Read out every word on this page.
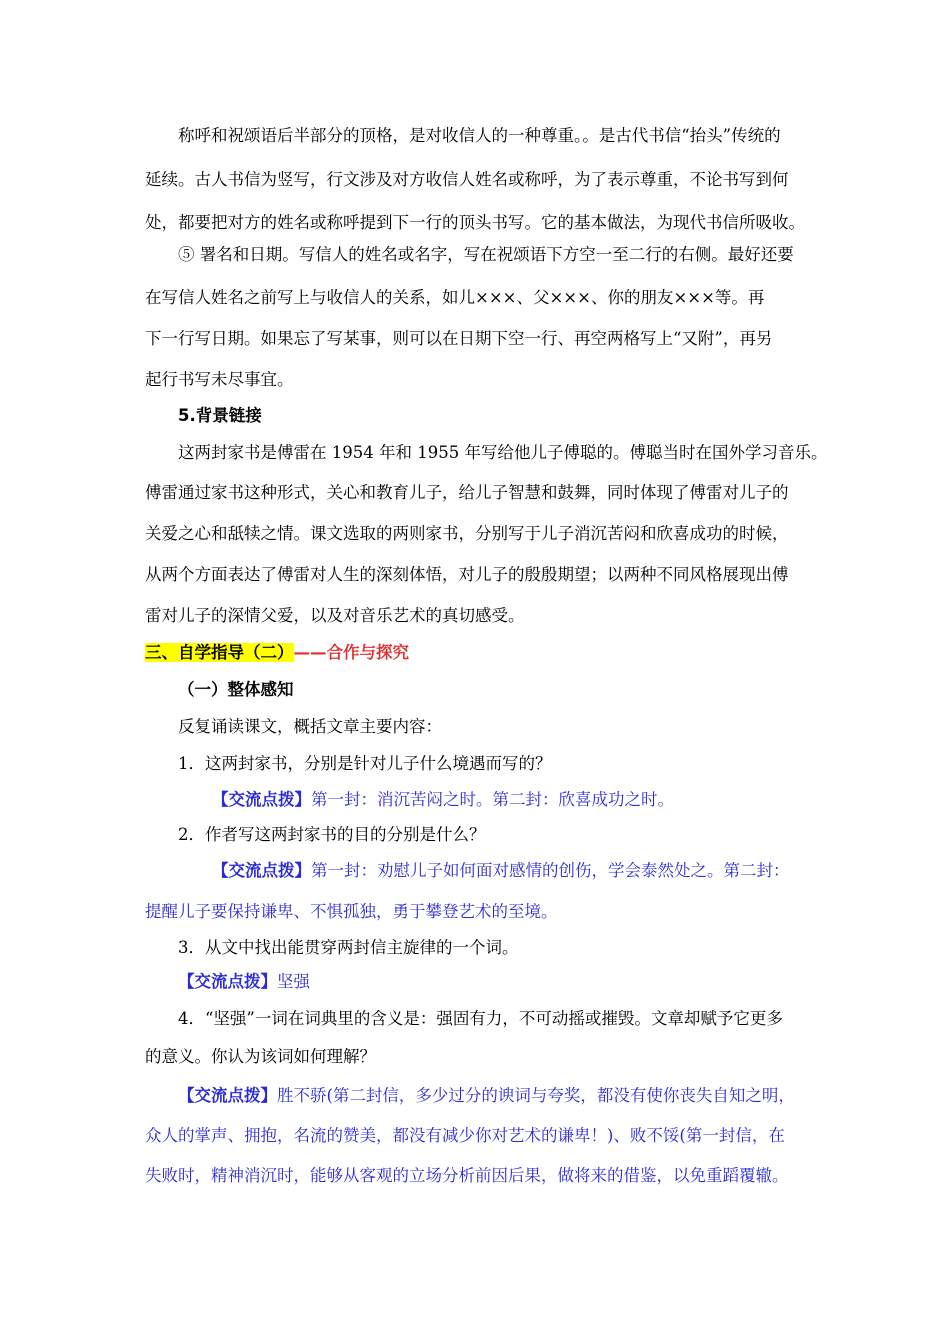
称呼和祝颂语后半部分的顶格，是对收信人的一种尊重。。是古代书信“抬头”传统的
延续。古人书信为竖写，行文涉及对方收信人姓名或称呼，为了表示尊重，不论书写到何
处，都要把对方的姓名或称呼提到下一行的顶头书写。它的基本做法，为现代书信所吸收。
⑤ 署名和日期。写信人的姓名或名字，写在祝颂语下方空一至二行的右侧。最好还要
在写信人姓名之前写上与收信人的关系，如儿×××、父×××、你的朋友×××等。再
下一行写日期。如果忘了写某事，则可以在日期下空一行、再空两格写上“又附”，再另
起行书写未尽事宜。
5.背景链接
这两封家书是傅雷在 1954 年和 1955 年写给他儿子傅聪的。傅聪当时在国外学习音乐。
傅雷通过家书这种形式，关心和教育儿子，给儿子智慧和鼓舞，同时体现了傅雷对儿子的
关爱之心和舐犊之情。课文选取的两则家书，分别写于儿子消沉苦闷和欣喜成功的时候，
从两个方面表达了傅雷对人生的深刻体悟，对儿子的殷殷期望；以两种不同风格展现出傅
雷对儿子的深情父爱，以及对音乐艺术的真切感受。
三、自学指导（二）——合作与探究
（一）整体感知
反复诵读课文，概括文章主要内容：
1．这两封家书，分别是针对儿子什么境遇而写的？
【交流点拨】第一封：消沉苦闷之时。第二封：欣喜成功之时。
2．作者写这两封家书的目的分别是什么？
【交流点拨】第一封：劝慰儿子如何面对感情的创伤，学会泰然处之。第二封：
提醒儿子要保持谦卑、不惧孤独，勇于攀登艺术的至境。
3．从文中找出能贯穿两封信主旋律的一个词。
【交流点拨】坚强
4．“坚强”一词在词典里的含义是：强固有力，不可动摇或摧毁。文章却赋予它更多
的意义。你认为该词如何理解？
【交流点拨】胜不骄(第二封信，多少过分的谀词与夸奖，都没有使你丧失自知之明，
众人的掌声、拥抱，名流的赞美，都没有减少你对艺术的谦卑！)、败不馁(第一封信，在
失败时，精神消沉时，能够从客观的立场分析前因后果，做将来的借鉴，以免重蹈覆辙。
